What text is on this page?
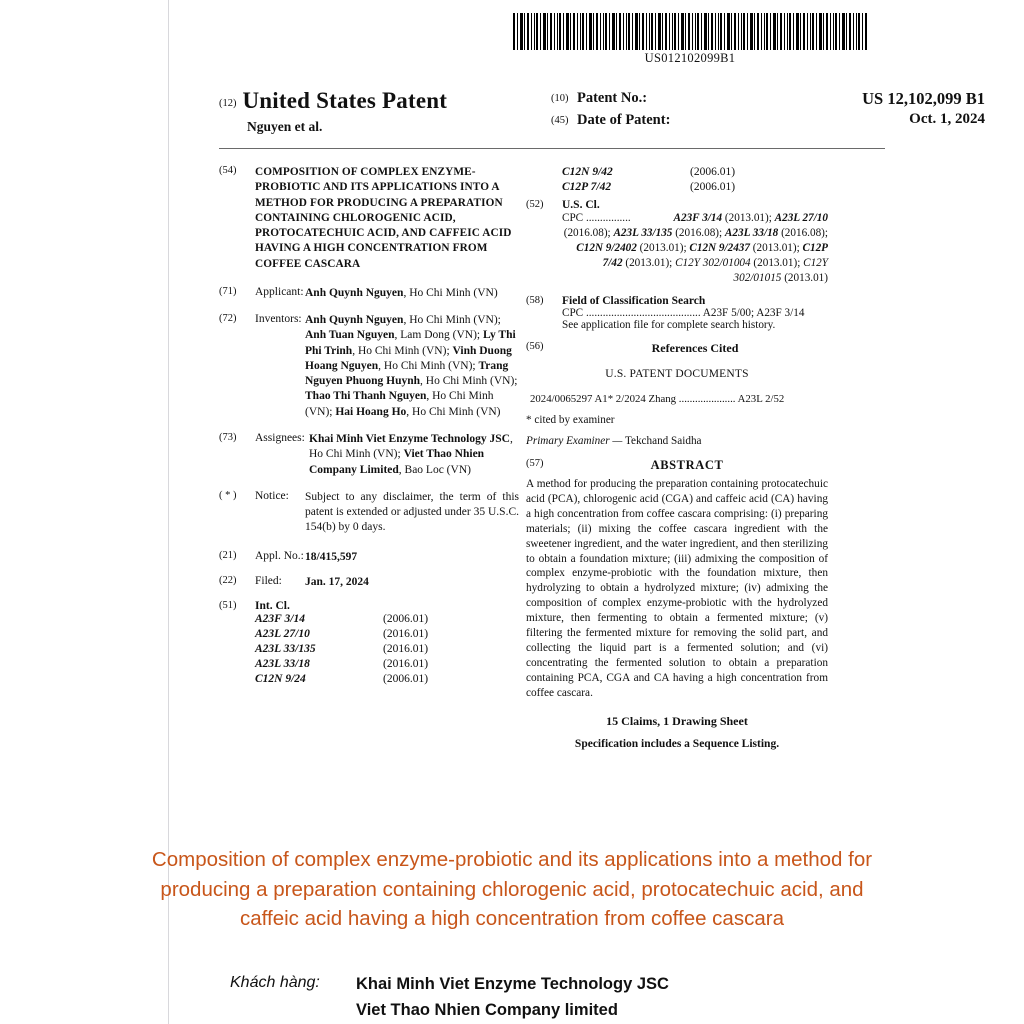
US012102099B1
(12) United States Patent
Nguyen et al.
(10) Patent No.:	US 12,102,099 B1
(45) Date of Patent:	Oct. 1, 2024
(54)	COMPOSITION OF COMPLEX ENZYME-PROBIOTIC AND ITS APPLICATIONS INTO A METHOD FOR PRODUCING A PREPARATION CONTAINING CHLOROGENIC ACID, PROTOCATECHUIC ACID, AND CAFFEIC ACID HAVING A HIGH CONCENTRATION FROM COFFEE CASCARA
(71)	Applicant: Anh Quynh Nguyen, Ho Chi Minh (VN)
(72)	Inventors: Anh Quynh Nguyen, Ho Chi Minh (VN); Anh Tuan Nguyen, Lam Dong (VN); Ly Thi Phi Trinh, Ho Chi Minh (VN); Vinh Duong Hoang Nguyen, Ho Chi Minh (VN); Trang Nguyen Phuong Huynh, Ho Chi Minh (VN); Thao Thi Thanh Nguyen, Ho Chi Minh (VN); Hai Hoang Ho, Ho Chi Minh (VN)
(73)	Assignees: Khai Minh Viet Enzyme Technology JSC, Ho Chi Minh (VN); Viet Thao Nhien Company Limited, Bao Loc (VN)
( * )	Notice: Subject to any disclaimer, the term of this patent is extended or adjusted under 35 U.S.C. 154(b) by 0 days.
(21)	Appl. No.: 18/415,597
(22)	Filed: Jan. 17, 2024
(51)	Int. Cl.
A23F 3/14	(2006.01)
A23L 27/10	(2016.01)
A23L 33/135	(2016.01)
A23L 33/18	(2016.01)
C12N 9/24	(2006.01)
C12N 9/42	(2006.01)
C12P 7/42	(2006.01)
(52)	U.S. Cl.
CPC ................	A23F 3/14 (2013.01); A23L 27/10 (2016.08); A23L 33/135 (2016.08); A23L 33/18 (2016.08); C12N 9/2402 (2013.01); C12N 9/2437 (2013.01); C12P 7/42 (2013.01); C12Y 302/01004 (2013.01); C12Y 302/01015 (2013.01)
(58)	Field of Classification Search
CPC ......................................... A23F 5/00; A23F 3/14
See application file for complete search history.
(56)	References Cited
U.S. PATENT DOCUMENTS
2024/0065297 A1* 2/2024 Zhang ..................... A23L 2/52
* cited by examiner
Primary Examiner — Tekchand Saidha
(57)	ABSTRACT
A method for producing the preparation containing protocatechuic acid (PCA), chlorogenic acid (CGA) and caffeic acid (CA) having a high concentration from coffee cascara comprising: (i) preparing materials; (ii) mixing the coffee cascara ingredient with the sweetener ingredient, and the water ingredient, and then sterilizing to obtain a foundation mixture; (iii) admixing the composition of complex enzyme-probiotic with the foundation mixture, then hydrolyzing to obtain a hydrolyzed mixture; (iv) admixing the composition of complex enzyme-probiotic with the hydrolyzed mixture, then fermenting to obtain a fermented mixture; (v) filtering the fermented mixture for removing the solid part, and collecting the liquid part is a fermented solution; and (vi) concentrating the fermented solution to obtain a preparation containing PCA, CGA and CA having a high concentration from coffee cascara.
15 Claims, 1 Drawing Sheet
Specification includes a Sequence Listing.
Composition of complex enzyme-probiotic and its applications into a method for producing a preparation containing chlorogenic acid, protocatechuic acid, and caffeic acid having a high concentration from coffee cascara
Khách hàng: Khai Minh Viet Enzyme Technology JSC
Viet Thao Nhien Company limited
